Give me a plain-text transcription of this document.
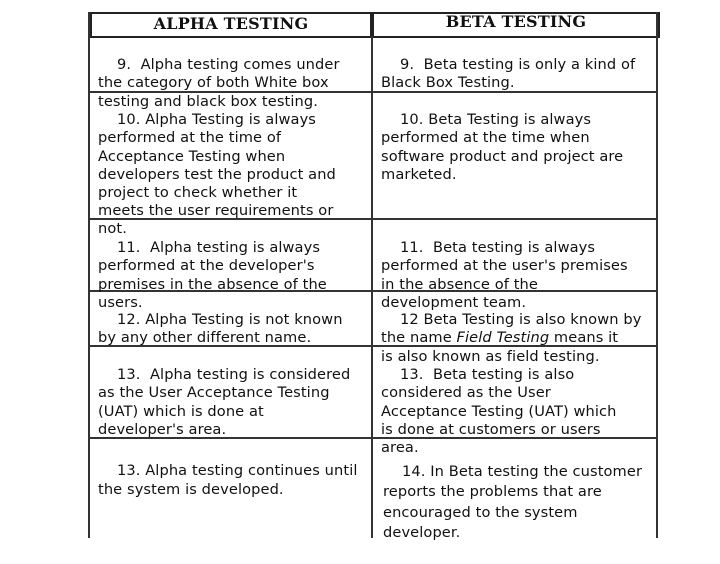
ALPHA TESTING	BETA TESTING

9.  Alpha testing comes under
the category of both White box
testing and black box testing.

9.  Beta testing is only a kind of
Black Box Testing.

10. Alpha Testing is always
performed at the time of
Acceptance Testing when
developers test the product and
project to check whether it
meets the user requirements or
not.

10. Beta Testing is always
performed at the time when
software product and project are
marketed.

11.  Alpha testing is always
performed at the developer's
premises in the absence of the
users.

11.  Beta testing is always
performed at the user's premises
in the absence of the
development team.

12. Alpha Testing is not known
by any other different name.

12 Beta Testing is also known by
the name Field Testing means it
is also known as field testing.

13.  Alpha testing is considered
as the User Acceptance Testing
(UAT) which is done at
developer's area.

13.  Beta testing is also
considered as the User
Acceptance Testing (UAT) which
is done at customers or users
area.

13. Alpha testing continues until
the system is developed.

14. In Beta testing the customer
reports the problems that are
encouraged to the system
developer.
